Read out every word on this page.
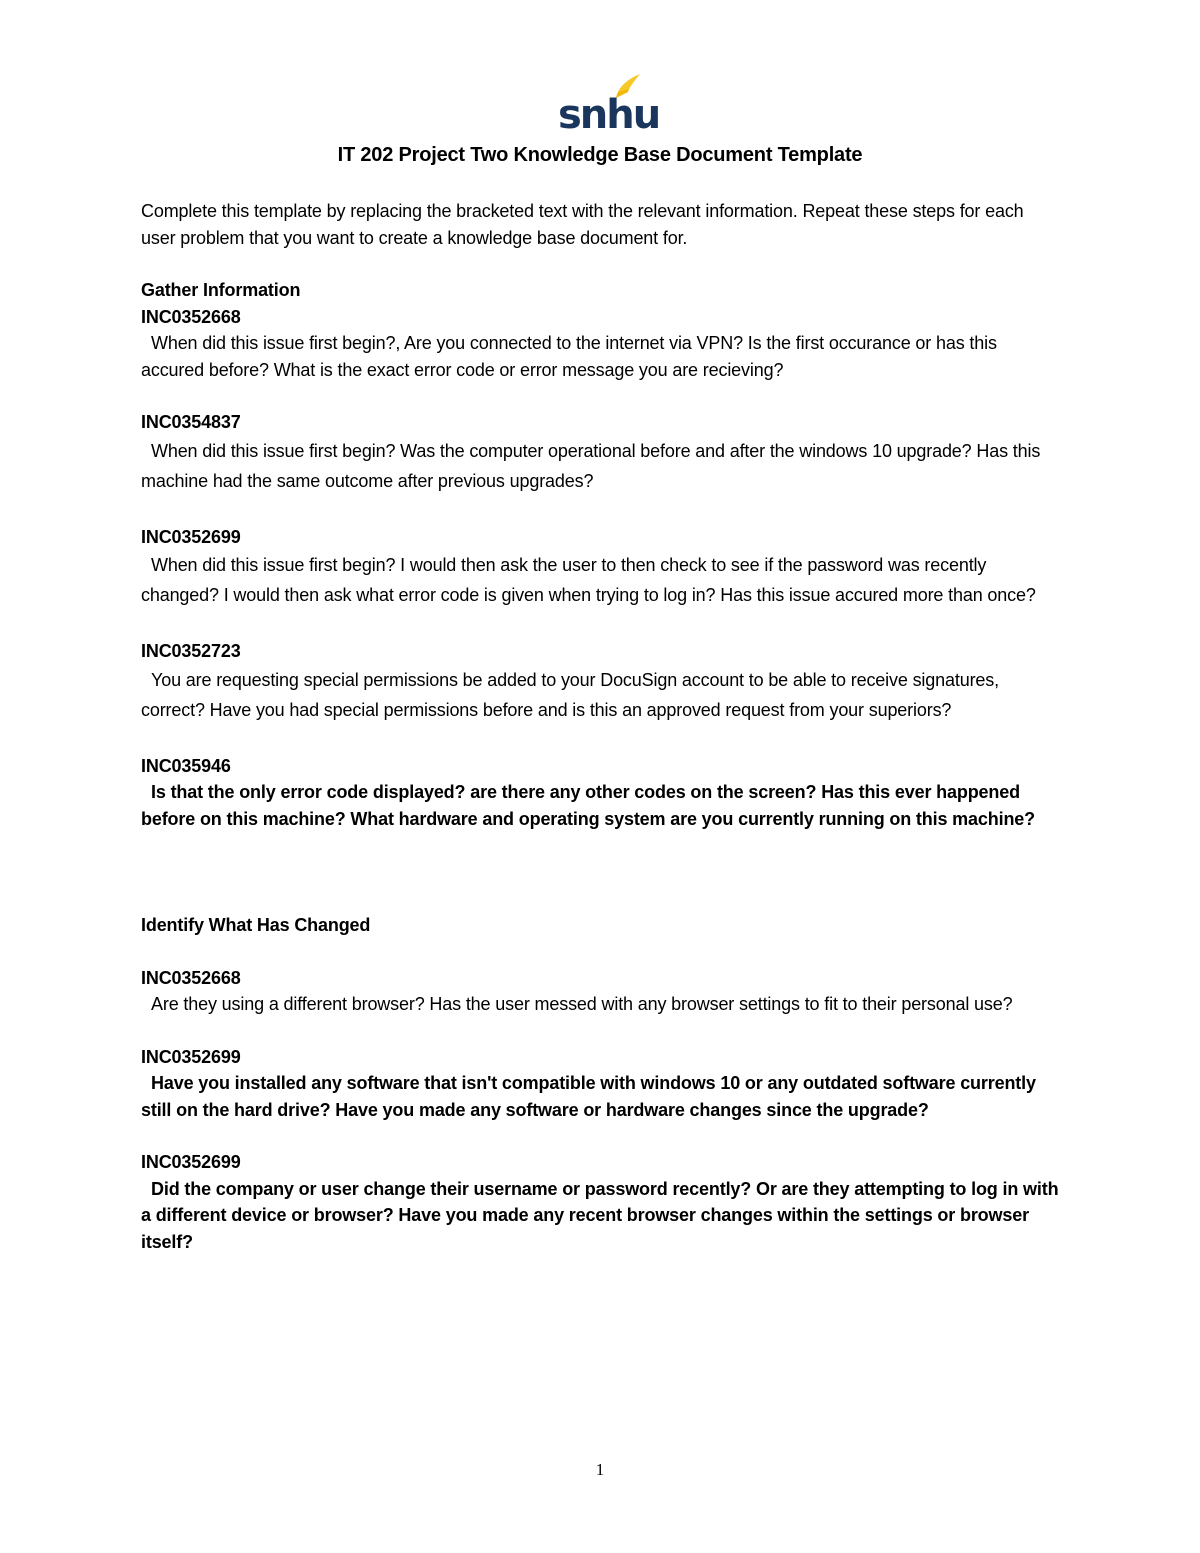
snhu
IT 202 Project Two Knowledge Base Document Template

Complete this template by replacing the bracketed text with the relevant information. Repeat these steps for each user problem that you want to create a knowledge base document for.

Gather Information

INC0352668

When did this issue first begin?, Are you connected to the internet via VPN? Is the first occurance or has this accured before? What is the exact error code or error message you are recieving?

INC0354837

When did this issue first begin? Was the computer operational before and after the windows 10 upgrade? Has this machine had the same outcome after previous upgrades?

INC0352699

When did this issue first begin? I would then ask the user to then check to see if the password was recently changed? I would then ask what error code is given when trying to log in? Has this issue accured more than once?

INC0352723

You are requesting special permissions be added to your DocuSign account to be able to receive signatures, correct? Have you had special permissions before and is this an approved request from your superiors?

INC035946

Is that the only error code displayed? are there any other codes on the screen? Has this ever happened before on this machine? What hardware and operating system are you currently running on this machine?

Identify What Has Changed

INC0352668

Are they using a different browser? Has the user messed with any browser settings to fit to their personal use?

INC0352699

Have you installed any software that isn't compatible with windows 10 or any outdated software currently still on the hard drive? Have you made any software or hardware changes since the upgrade?

INC0352699

Did the company or user change their username or password recently? Or are they attempting to log in with a different device or browser? Have you made any recent browser changes within the settings or browser itself?

1
